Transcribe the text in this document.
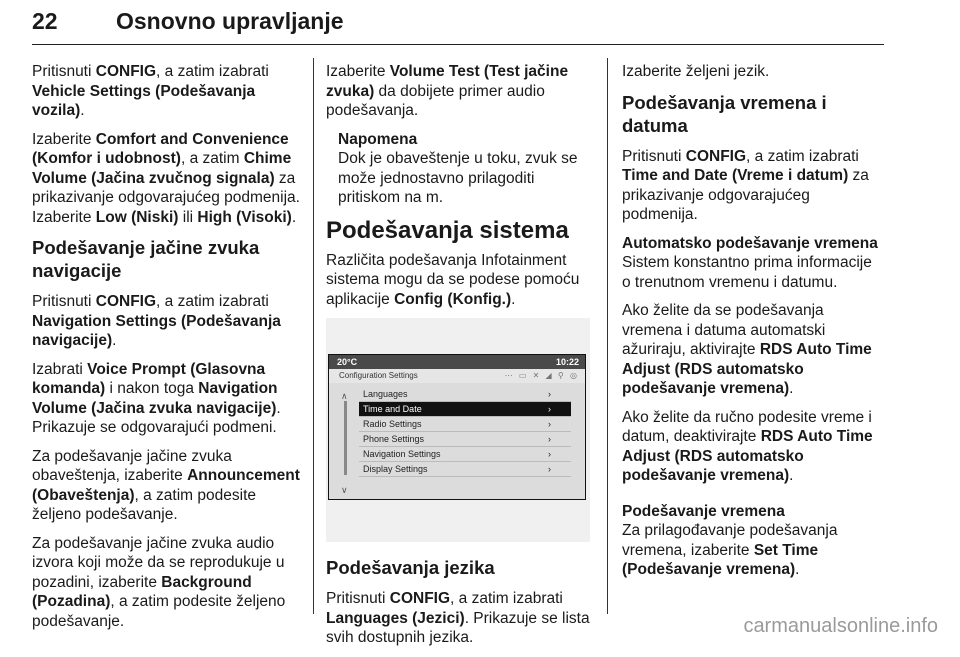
22	Osnovno upravljanje

Pritisnuti CONFIG, a zatim izabrati Vehicle Settings (Podešavanja vozila).

Izaberite Comfort and Convenience (Komfor i udobnost), a zatim Chime Volume (Jačina zvučnog signala) za prikazivanje odgovarajućeg podmenija. Izaberite Low (Niski) ili High (Visoki).

Podešavanje jačine zvuka navigacije

Pritisnuti CONFIG, a zatim izabrati Navigation Settings (Podešavanja navigacije).

Izabrati Voice Prompt (Glasovna komanda) i nakon toga Navigation Volume (Jačina zvuka navigacije). Prikazuje se odgovarajući podmeni.

Za podešavanje jačine zvuka obaveštenja, izaberite Announcement (Obaveštenja), a zatim podesite željeno podešavanje.

Za podešavanje jačine zvuka audio izvora koji može da se reprodukuje u pozadini, izaberite Background (Pozadina), a zatim podesite željeno podešavanje.

Izaberite Volume Test (Test jačine zvuka) da dobijete primer audio podešavanja.

Napomena

Dok je obaveštenje u toku, zvuk se može jednostavno prilagoditi pritiskom na m.

Podešavanja sistema

Različita podešavanja Infotainment sistema mogu da se podese pomoću aplikacije Config (Konfig.).

20°C	10:22
Configuration Settings	⋯ ▭ ✕ ◢ ⚲ ◎
∧
∨
Languages	›
Time and Date	›
Radio Settings	›
Phone Settings	›
Navigation Settings	›
Display Settings	›
Podešavanja jezika

Pritisnuti CONFIG, a zatim izabrati Languages (Jezici). Prikazuje se lista svih dostupnih jezika.

Izaberite željeni jezik.

Podešavanja vremena i datuma

Pritisnuti CONFIG, a zatim izabrati Time and Date (Vreme i datum) za prikazivanje odgovarajućeg podmenija.

Automatsko podešavanje vremena

Sistem konstantno prima informacije o trenutnom vremenu i datumu.

Ako želite da se podešavanja vremena i datuma automatski ažuriraju, aktivirajte RDS Auto Time Adjust (RDS automatsko podešavanje vremena).

Ako želite da ručno podesite vreme i datum, deaktivirajte RDS Auto Time Adjust (RDS automatsko podešavanje vremena).

Podešavanje vremena

Za prilagođavanje podešavanja vremena, izaberite Set Time (Podešavanje vremena).

carmanualsonline.info
